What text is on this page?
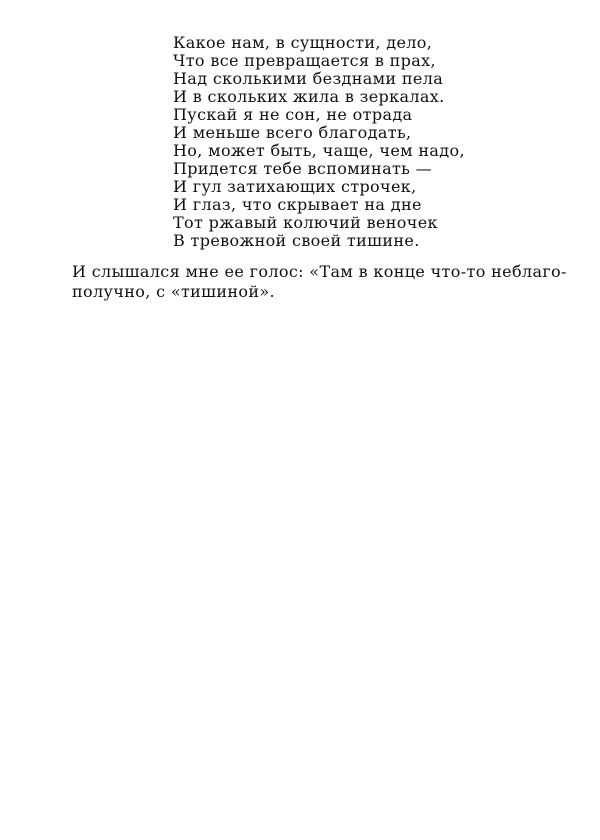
Какое нам, в сущности, дело,
Что все превращается в прах,
Над сколькими безднами пела
И в скольких жила в зеркалах.
Пускай я не сон, не отрада
И меньше всего благодать,
Но, может быть, чаще, чем надо,
Придется тебе вспоминать —
И гул затихающих строчек,
И глаз, что скрывает на дне
Тот ржавый колючий веночек
В тревожной своей тишине.
И слышался мне ее голос: «Там в конце что-то неблаго-
получно, с «тишиной».
